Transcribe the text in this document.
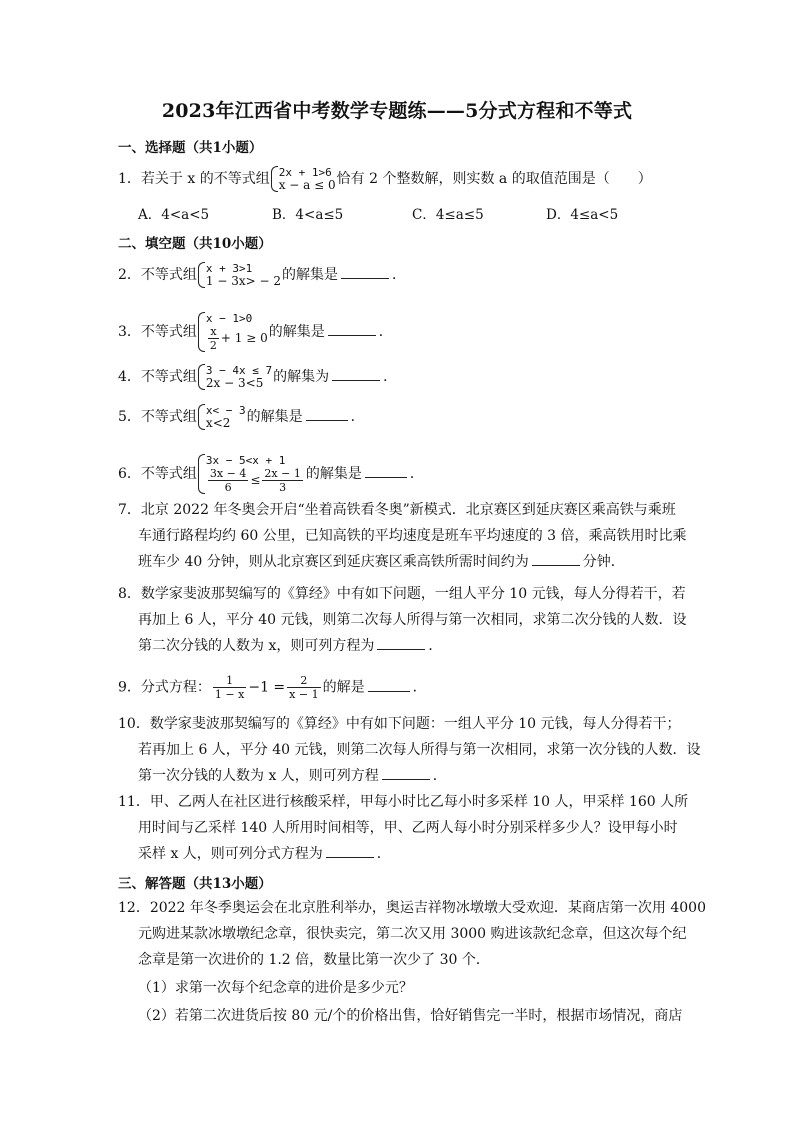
2023年江西省中考数学专题练——5分式方程和不等式
一、选择题（共1小题）
1．若关于 x 的不等式组 2x + 1>6
x − a ≤ 0 恰有 2 个整数解，则实数 a 的取值范围是（　　）
A．4<a<5	B．4<a≤5	C．4≤a≤5	D．4≤a<5
二、填空题（共10小题）
2．不等式组 x + 3>1
1 − 3x> − 2 的解集是	．
3．不等式组
x − 1>0
$\frac{x}{2} + 1 \ge 0$ 的解集是	．
4．不等式组 3 − 4x ≤ 7
2x − 3<5 的解集为	．
5．不等式组 x< − 3
x<2	的解集是	．
6．不等式组
3x − 5<x + 1
$\frac{3x - 4}{6} \le \frac{2x - 1}{3}$ 的解集是	．
7．北京 2022 年冬奥会开启“坐着高铁看冬奥”新模式．北京赛区到延庆赛区乘高铁与乘班
车通行路程均约 60 公里，已知高铁的平均速度是班车平均速度的 3 倍，乘高铁用时比乘
班车少 40 分钟，则从北京赛区到延庆赛区乘高铁所需时间约为	分钟．
8．数学家斐波那契编写的《算经》中有如下问题，一组人平分 10 元钱，每人分得若干，若
再加上 6 人，平分 40 元钱，则第二次每人所得与第一次相同，求第二次分钱的人数．设
第二次分钱的人数为 x，则可列方程为	．
9．分式方程： $\frac{1}{1 - x} -1 = \frac{2}{x - 1}$ 的解是	．
10．数学家斐波那契编写的《算经》中有如下问题：一组人平分 10 元钱，每人分得若干；
若再加上 6 人，平分 40 元钱，则第二次每人所得与第一次相同，求第一次分钱的人数．设
第一次分钱的人数为 x 人，则可列方程	．
11．甲、乙两人在社区进行核酸采样，甲每小时比乙每小时多采样 10 人，甲采样 160 人所
用时间与乙采样 140 人所用时间相等，甲、乙两人每小时分别采样多少人？设甲每小时
采样 x 人，则可列分式方程为	．
三、解答题（共13小题）
12．2022 年冬季奥运会在北京胜利举办，奥运吉祥物冰墩墩大受欢迎．某商店第一次用 4000
元购进某款冰墩墩纪念章，很快卖完，第二次又用 3000 购进该款纪念章，但这次每个纪
念章是第一次进价的 1.2 倍，数量比第一次少了 30 个．
（1）求第一次每个纪念章的进价是多少元？
（2）若第二次进货后按 80 元/个的价格出售，恰好销售完一半时，根据市场情况，商店
